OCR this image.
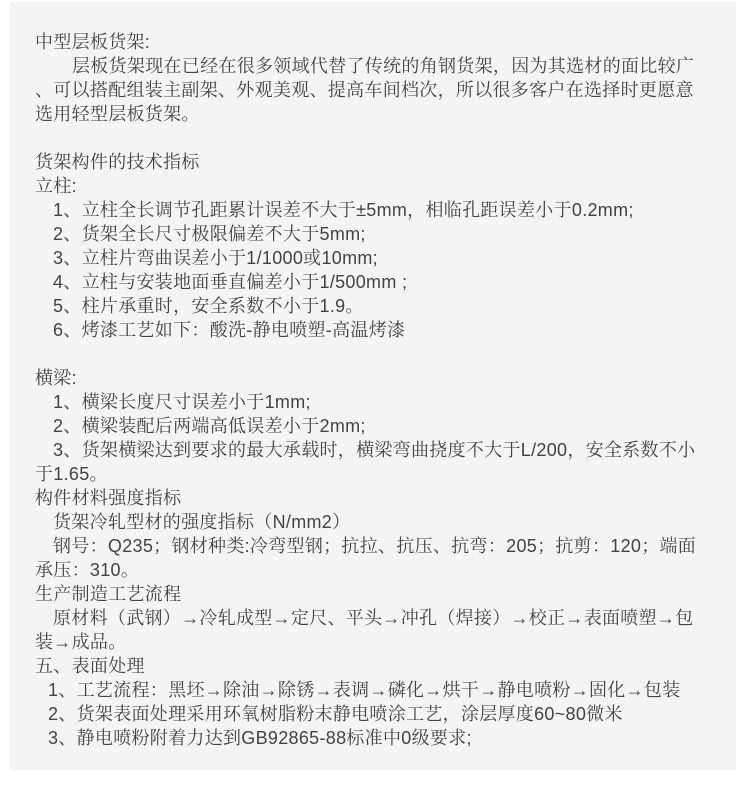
中型层板货架:
层板货架现在已经在很多领域代替了传统的角钢货架，因为其选材的面比较广
、可以搭配组装主副架、外观美观、提高车间档次，所以很多客户在选择时更愿意
选用轻型层板货架。
货架构件的技术指标
立柱:
1、立柱全长调节孔距累计误差不大于±5mm，相临孔距误差小于0.2mm;
2、货架全长尺寸极限偏差不大于5mm;
3、立柱片弯曲误差小于1/1000或10mm;
4、立柱与安装地面垂直偏差小于1/500mm ;
5、柱片承重时，安全系数不小于1.9。
6、烤漆工艺如下：酸洗-静电喷塑-高温烤漆
横梁:
1、横梁长度尺寸误差小于1mm;
2、横梁装配后两端高低误差小于2mm;
3、货架横梁达到要求的最大承载时，横梁弯曲挠度不大于L/200，安全系数不小
于1.65。
构件材料强度指标
货架冷轧型材的强度指标（N/mm2）
钢号：Q235；钢材种类:冷弯型钢；抗拉、抗压、抗弯：205；抗剪：120；端面
承压：310。
生产制造工艺流程
原材料（武钢）→冷轧成型→定尺、平头→冲孔（焊接）→校正→表面喷塑→包
装→成品。
五、表面处理
1、工艺流程：黑坯→除油→除锈→表调→磷化→烘干→静电喷粉→固化→包装
2、货架表面处理采用环氧树脂粉末静电喷涂工艺，涂层厚度60~80微米
3、静电喷粉附着力达到GB92865-88标准中0级要求;
